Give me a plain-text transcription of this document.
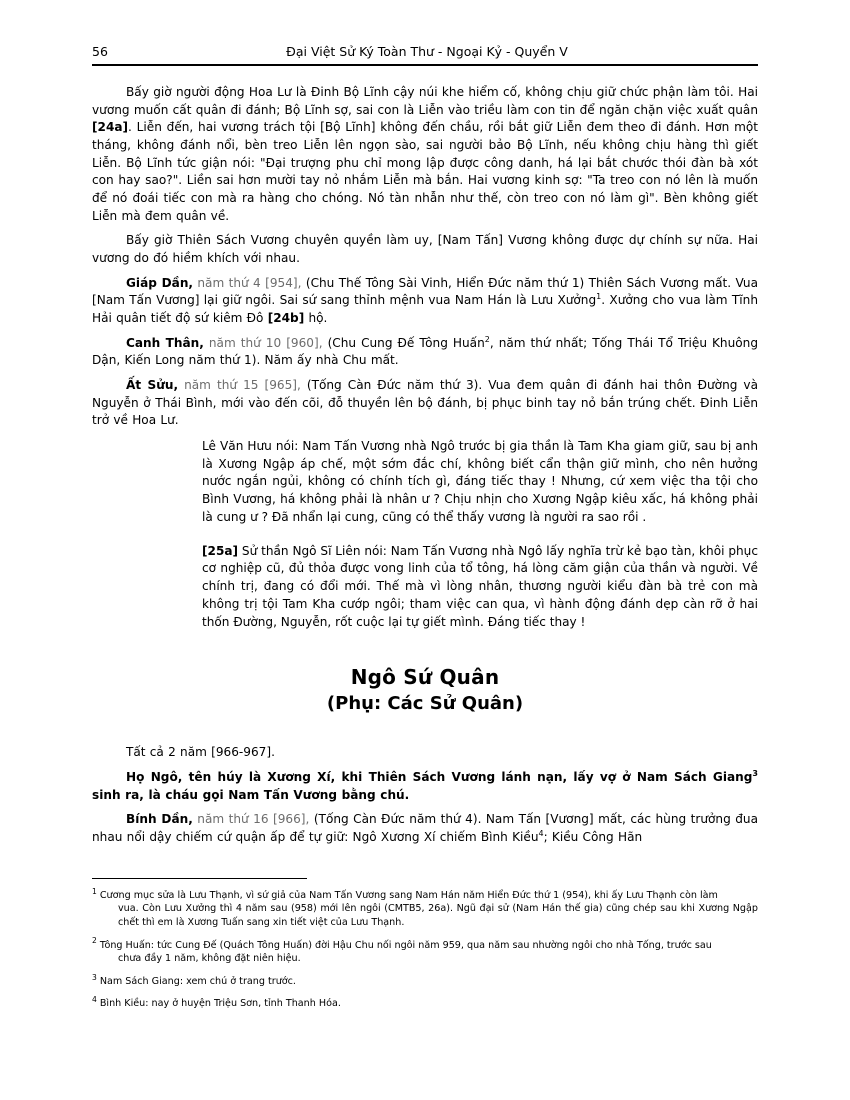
56	Đại Việt Sử Ký Toàn Thư - Ngoại Kỷ - Quyển V

Bấy giờ người động Hoa Lư là Đinh Bộ Lĩnh cậy núi khe hiểm cố, không chịu giữ chức phận làm tôi. Hai vương muốn cất quân đi đánh; Bộ Lĩnh sợ, sai con là Liễn vào triều làm con tin để ngăn chặn việc xuất quân [24a]. Liễn đến, hai vương trách tội [Bộ Lĩnh] không đến chầu, rồi bắt giữ Liễn đem theo đi đánh. Hơn một tháng, không đánh nổi, bèn treo Liễn lên ngọn sào, sai người bảo Bộ Lĩnh, nếu không chịu hàng thì giết Liễn. Bộ Lĩnh tức giận nói: "Đại trượng phu chỉ mong lập được công danh, há lại bắt chước thói đàn bà xót con hay sao?". Liền sai hơn mười tay nỏ nhắm Liễn mà bắn. Hai vương kinh sợ: "Ta treo con nó lên là muốn để nó đoái tiếc con mà ra hàng cho chóng. Nó tàn nhẫn như thế, còn treo con nó làm gì". Bèn không giết Liễn mà đem quân về.

Bấy giờ Thiên Sách Vương chuyên quyền làm uy, [Nam Tấn] Vương không được dự chính sự nữa. Hai vương do đó hiềm khích với nhau.

Giáp Dần, năm thứ 4 [954], (Chu Thế Tông Sài Vinh, Hiển Đức năm thứ 1) Thiên Sách Vương mất. Vua [Nam Tấn Vương] lại giữ ngôi. Sai sứ sang thỉnh mệnh vua Nam Hán là Lưu Xưởng$^1$. Xưởng cho vua làm Tĩnh Hải quân tiết độ sứ kiêm Đô [24b] hộ.

Canh Thân, năm thứ 10 [960], (Chu Cung Đế Tông Huấn$^2$, năm thứ nhất; Tống Thái Tổ Triệu Khuông Dận, Kiến Long năm thứ 1). Năm ấy nhà Chu mất.

Ất Sửu, năm thứ 15 [965], (Tống Càn Đức năm thứ 3). Vua đem quân đi đánh hai thôn Đường và Nguyễn ở Thái Bình, mới vào đến cõi, đỗ thuyền lên bộ đánh, bị phục binh tay nỏ bắn trúng chết. Đinh Liễn trở về Hoa Lư.

Lê Văn Hưu nói: Nam Tấn Vương nhà Ngô trước bị gia thần là Tam Kha giam giữ, sau bị anh là Xương Ngập áp chế, một sớm đắc chí, không biết cẩn thận giữ mình, cho nên hưởng nước ngắn ngủi, không có chính tích gì, đáng tiếc thay ! Nhưng, cứ xem việc tha tội cho Bình Vương, há không phải là nhân ư ? Chịu nhịn cho Xương Ngập kiêu xấc, há không phải là cung ư ? Đã nhẩn lại cung, cũng có thể thấy vương là người ra sao rồi .

[25a] Sử thần Ngô Sĩ Liên nói: Nam Tấn Vương nhà Ngô lấy nghĩa trừ kẻ bạo tàn, khôi phục cơ nghiệp cũ, đủ thỏa được vong linh của tổ tông, há lòng căm giận của thần và người. Về chính trị, đang có đổi mới. Thế mà vì lòng nhân, thương người kiểu đàn bà trẻ con mà không trị tội Tam Kha cướp ngôi; tham việc can qua, vì hành động đánh dẹp càn rỡ ở hai thốn Đường, Nguyễn, rốt cuộc lại tự giết mình. Đáng tiếc thay !

Ngô Sứ Quân
(Phụ: Các Sử Quân)

Tất cả 2 năm [966-967].

Họ Ngô, tên húy là Xương Xí, khi Thiên Sách Vương lánh nạn, lấy vợ ở Nam Sách Giang$^3$ sinh ra, là cháu gọi Nam Tấn Vương bằng chú.

Bính Dần, năm thứ 16 [966], (Tống Càn Đức năm thứ 4). Nam Tấn [Vương] mất, các hùng trưởng đua nhau nổi dậy chiếm cứ quận ấp để tự giữ: Ngô Xương Xí chiếm Bình Kiều$^4$; Kiều Công Hãn

$^1$ Cương mục sửa là Lưu Thạnh, vì sứ giả của Nam Tấn Vương sang Nam Hán năm Hiển Đức thứ 1 (954), khi ấy Lưu Thạnh còn làm
vua. Còn Lưu Xưởng thì 4 năm sau (958) mới lên ngôi (CMTB5, 26a). Ngũ đại sử (Nam Hán thế gia) cũng chép sau khi Xương Ngập chết thì em là Xương Tuấn sang xin tiết việt của Lưu Thạnh.

$^2$ Tông Huấn: tức Cung Đế (Quách Tông Huấn) đời Hậu Chu nối ngôi năm 959, qua năm sau nhường ngôi cho nhà Tống, trước sau
chưa đầy 1 năm, không đặt niên hiệu.

$^3$ Nam Sách Giang: xem chú ở trang trước.

$^4$ Bình Kiều: nay ở huyện Triệu Sơn, tỉnh Thanh Hóa.
